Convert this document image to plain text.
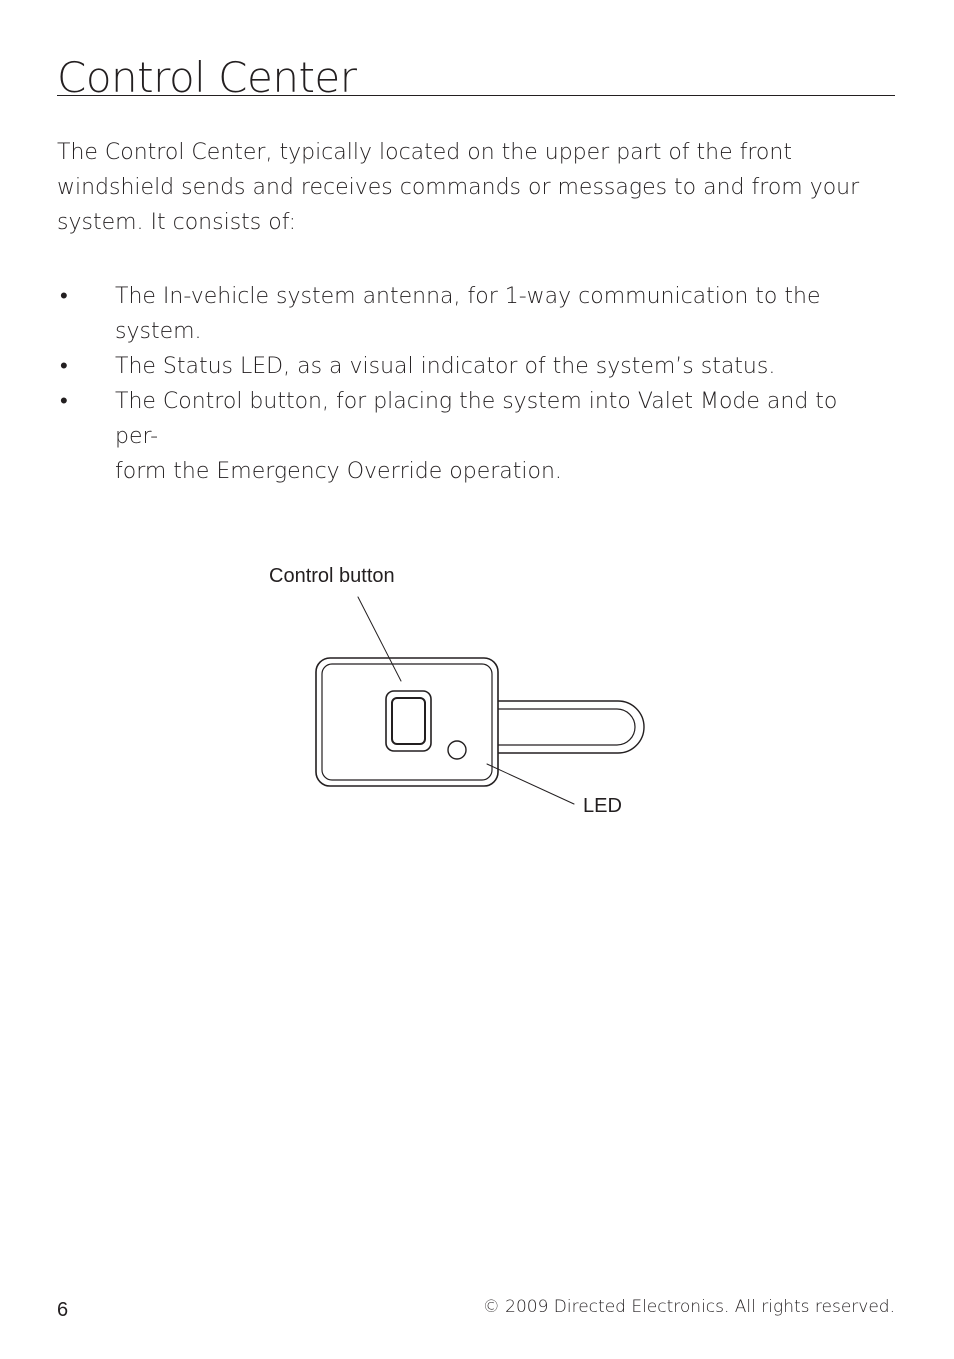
Control Center

The Control Center, typically located on the upper part of the front windshield sends and receives commands or messages to and from your system. It consists of:

• The In-vehicle system antenna, for 1-way communication to the system.
• The Status LED, as a visual indicator of the system’s status.
• The Control button, for placing the system into Valet Mode and to per-
form the Emergency Override operation.
Control button
LED
6	© 2009 Directed Electronics. All rights reserved.
